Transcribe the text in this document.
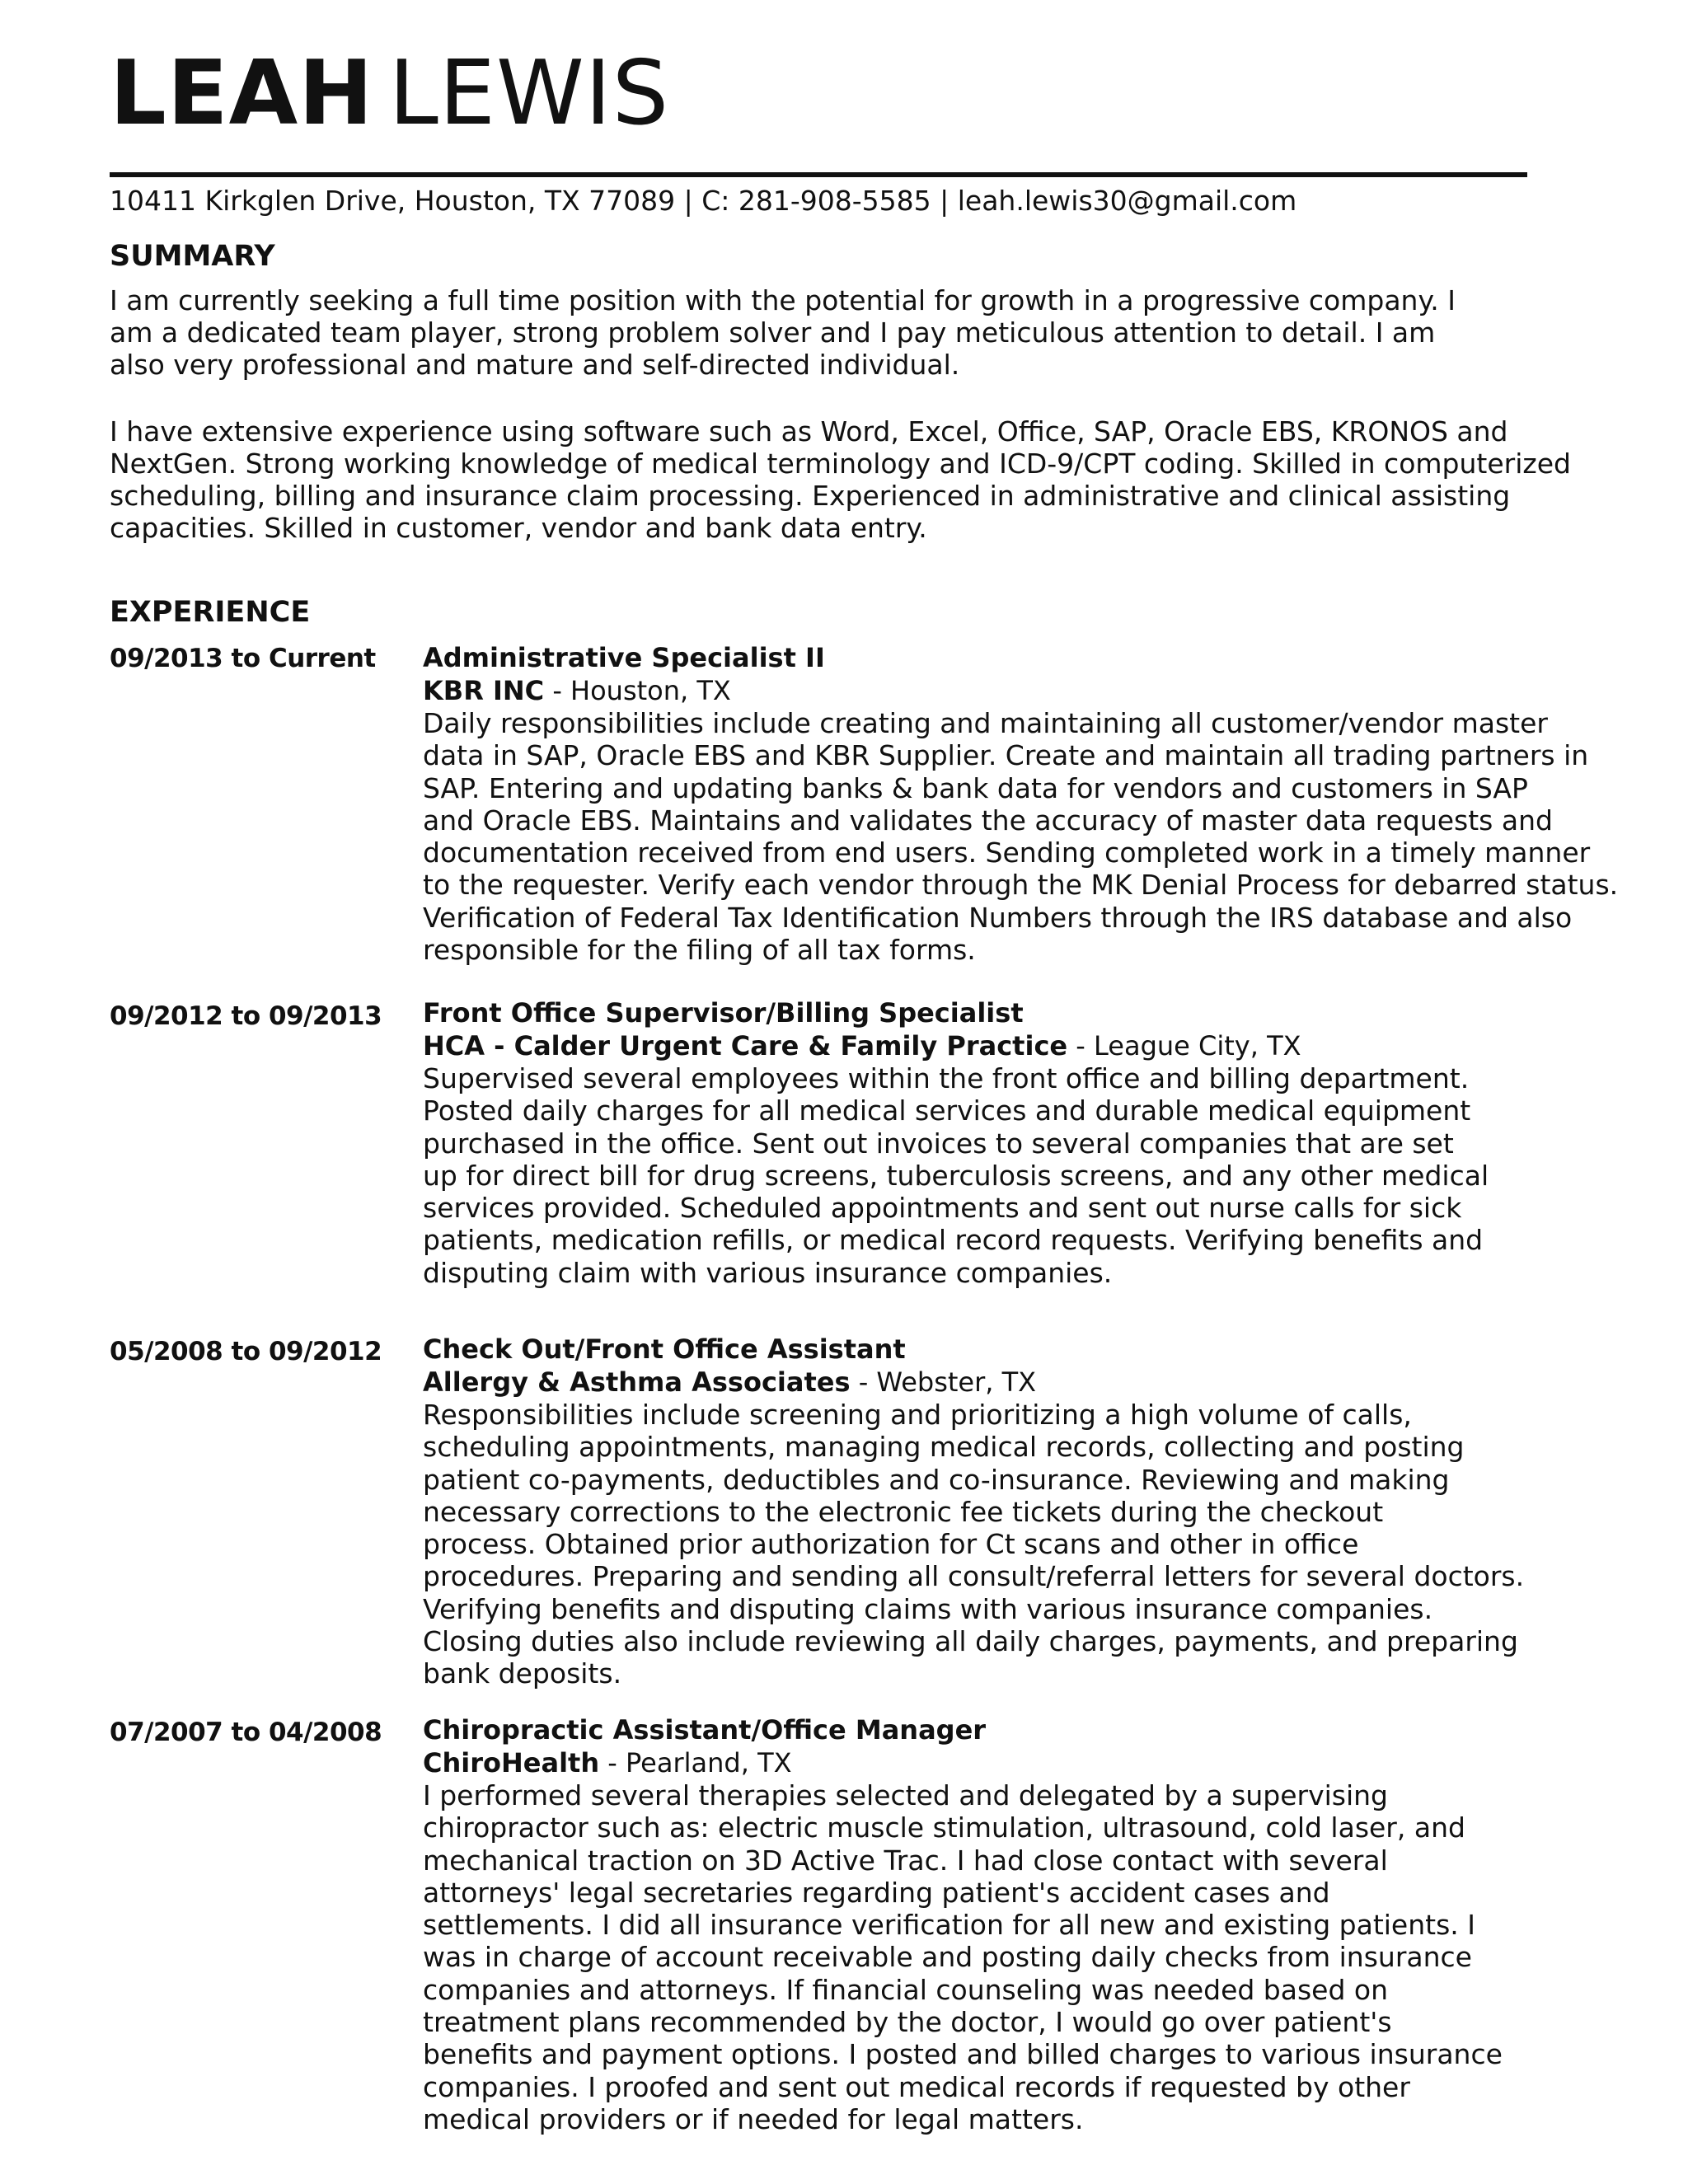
LEAH LEWIS
10411 Kirkglen Drive, Houston, TX 77089 | C: 281-908-5585 | leah.lewis30@gmail.com
SUMMARY
I am currently seeking a full time position with the potential for growth in a progressive company. I
am a dedicated team player, strong problem solver and I pay meticulous attention to detail. I am
also very professional and mature and self-directed individual.
I have extensive experience using software such as Word, Excel, Office, SAP, Oracle EBS, KRONOS and
NextGen. Strong working knowledge of medical terminology and ICD-9/CPT coding. Skilled in computerized
scheduling, billing and insurance claim processing. Experienced in administrative and clinical assisting
capacities. Skilled in customer, vendor and bank data entry.
EXPERIENCE
09/2013 to Current Administrative Specialist II
KBR INC - Houston, TX
Daily responsibilities include creating and maintaining all customer/vendor master
data in SAP, Oracle EBS and KBR Supplier. Create and maintain all trading partners in
SAP. Entering and updating banks & bank data for vendors and customers in SAP
and Oracle EBS. Maintains and validates the accuracy of master data requests and
documentation received from end users. Sending completed work in a timely manner
to the requester. Verify each vendor through the MK Denial Process for debarred status.
Verification of Federal Tax Identification Numbers through the IRS database and also
responsible for the filing of all tax forms.
09/2012 to 09/2013 Front Office Supervisor/Billing Specialist
HCA - Calder Urgent Care & Family Practice - League City, TX
Supervised several employees within the front office and billing department.
Posted daily charges for all medical services and durable medical equipment
purchased in the office. Sent out invoices to several companies that are set
up for direct bill for drug screens, tuberculosis screens, and any other medical
services provided. Scheduled appointments and sent out nurse calls for sick
patients, medication refills, or medical record requests. Verifying benefits and
disputing claim with various insurance companies.
05/2008 to 09/2012 Check Out/Front Office Assistant
Allergy & Asthma Associates - Webster, TX
Responsibilities include screening and prioritizing a high volume of calls,
scheduling appointments, managing medical records, collecting and posting
patient co-payments, deductibles and co-insurance. Reviewing and making
necessary corrections to the electronic fee tickets during the checkout
process. Obtained prior authorization for Ct scans and other in office
procedures. Preparing and sending all consult/referral letters for several doctors.
Verifying benefits and disputing claims with various insurance companies.
Closing duties also include reviewing all daily charges, payments, and preparing
bank deposits.
07/2007 to 04/2008 Chiropractic Assistant/Office Manager
ChiroHealth - Pearland, TX
I performed several therapies selected and delegated by a supervising
chiropractor such as: electric muscle stimulation, ultrasound, cold laser, and
mechanical traction on 3D Active Trac. I had close contact with several
attorneys' legal secretaries regarding patient's accident cases and
settlements. I did all insurance verification for all new and existing patients. I
was in charge of account receivable and posting daily checks from insurance
companies and attorneys. If financial counseling was needed based on
treatment plans recommended by the doctor, I would go over patient's
benefits and payment options. I posted and billed charges to various insurance
companies. I proofed and sent out medical records if requested by other
medical providers or if needed for legal matters.
